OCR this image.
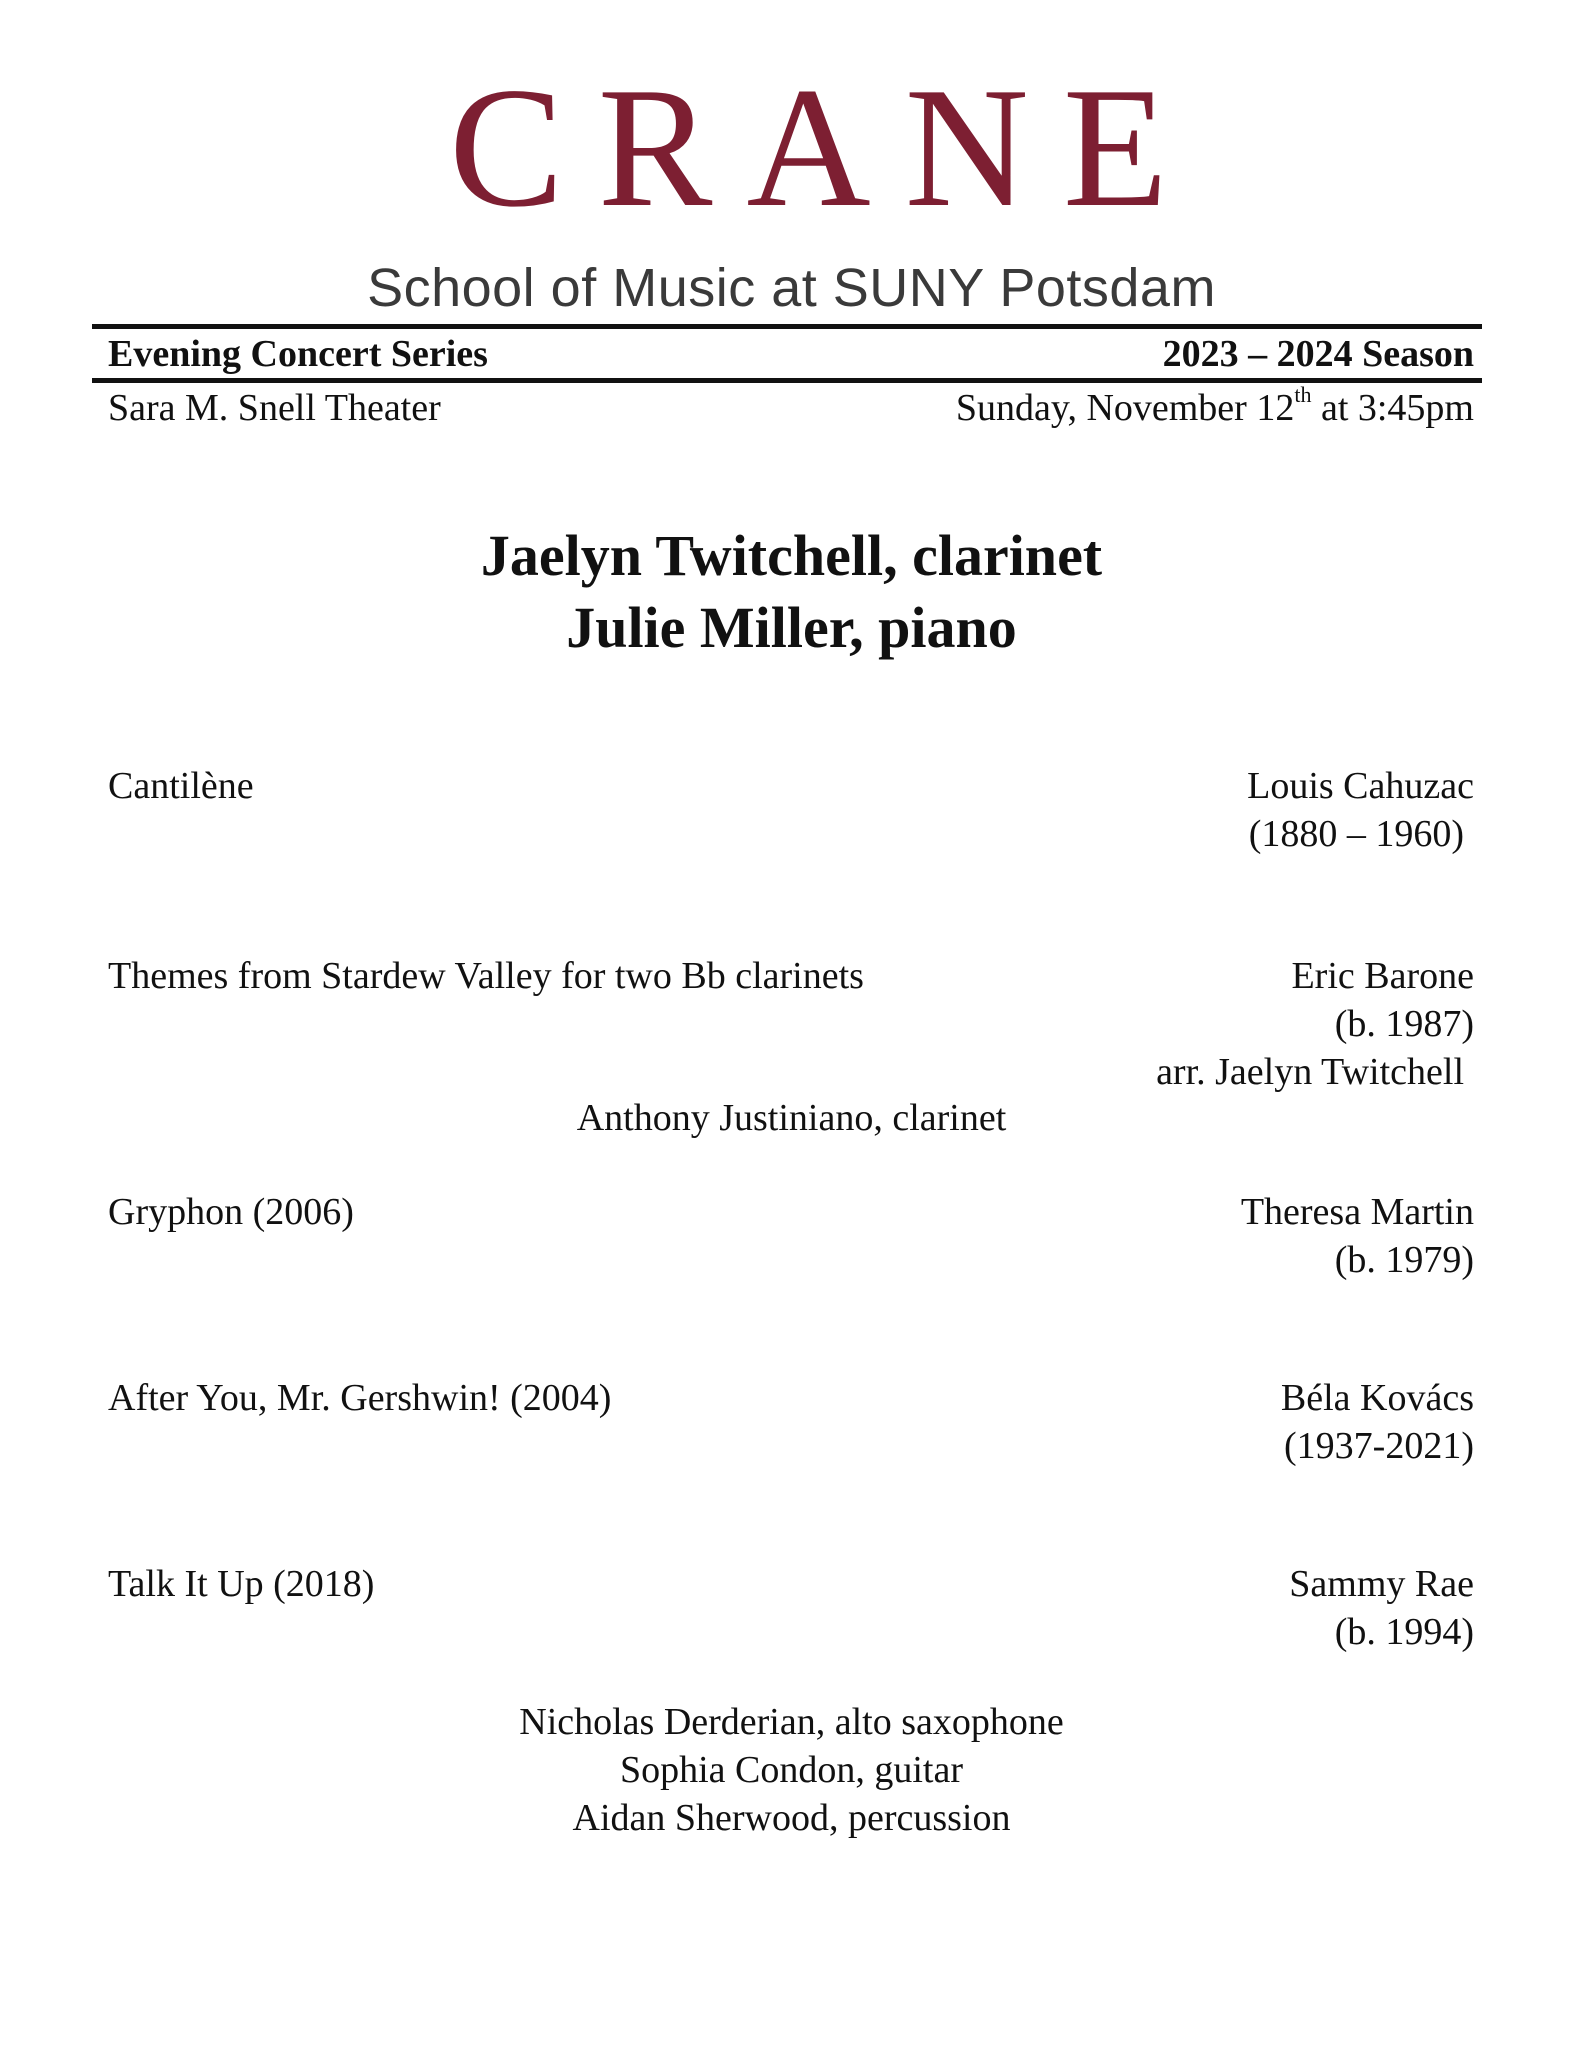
CRANE
School of Music at SUNY Potsdam
Evening Concert Series	2023 – 2024 Season
Sara M. Snell Theater	Sunday, November 12th at 3:45pm
Jaelyn Twitchell, clarinet
Julie Miller, piano
Cantilène	Louis Cahuzac
(1880 – 1960)
Themes from Stardew Valley for two Bb clarinets	Eric Barone
(b. 1987)
arr. Jaelyn Twitchell
Anthony Justiniano, clarinet
Gryphon (2006)	Theresa Martin
(b. 1979)
After You, Mr. Gershwin! (2004)	Béla Kovács
(1937-2021)
Talk It Up (2018)	Sammy Rae
(b. 1994)
Nicholas Derderian, alto saxophone
Sophia Condon, guitar
Aidan Sherwood, percussion
